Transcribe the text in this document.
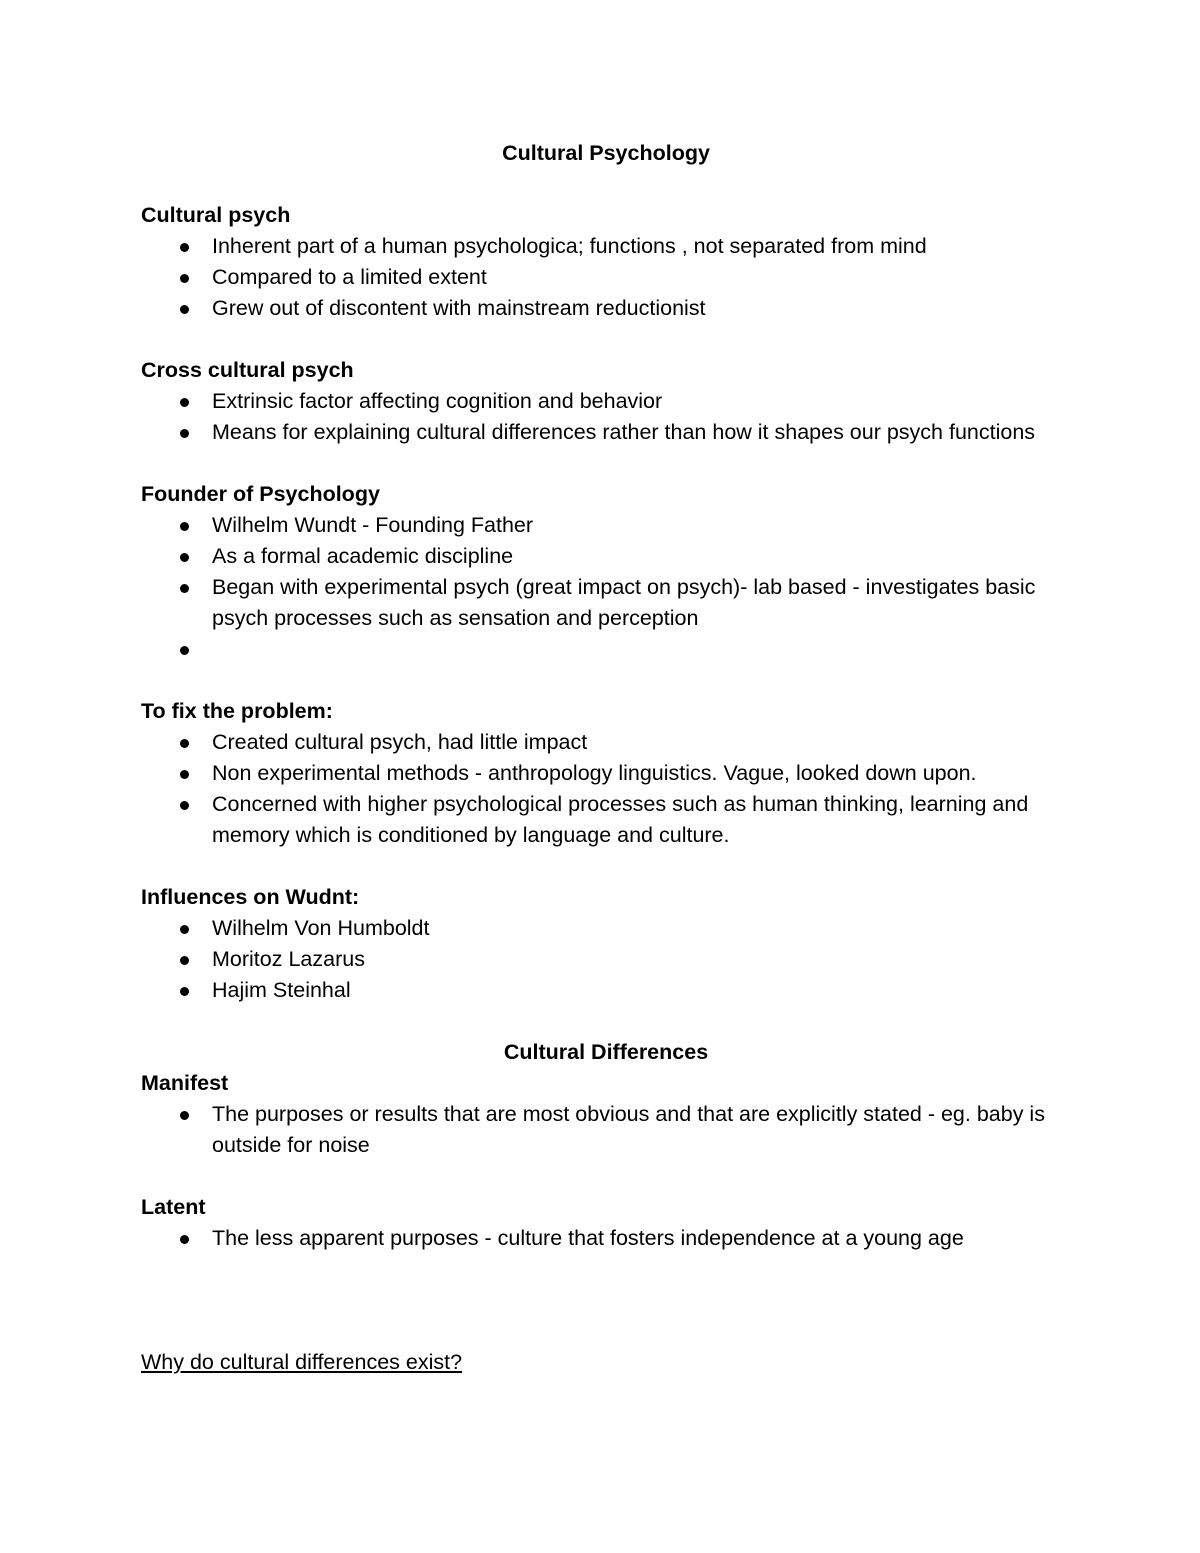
Cultural Psychology

Cultural psych

Inherent part of a human psychologica; functions , not separated from mind
Compared to a limited extent
Grew out of discontent with mainstream reductionist

Cross cultural psych

Extrinsic factor affecting cognition and behavior
Means for explaining cultural differences rather than how it shapes our psych functions

Founder of Psychology

Wilhelm Wundt - Founding Father
As a formal academic discipline
Began with experimental psych (great impact on psych)- lab based - investigates basic psych processes such as sensation and perception

To fix the problem:

Created cultural psych, had little impact
Non experimental methods - anthropology linguistics. Vague, looked down upon.
Concerned with higher psychological processes such as human thinking, learning and memory which is conditioned by language and culture.

Influences on Wudnt:

Wilhelm Von Humboldt
Moritoz Lazarus
Hajim Steinhal

Cultural Differences

Manifest

The purposes or results that are most obvious and that are explicitly stated - eg. baby is outside for noise

Latent

The less apparent purposes - culture that fosters independence at a young age

Why do cultural differences exist?
